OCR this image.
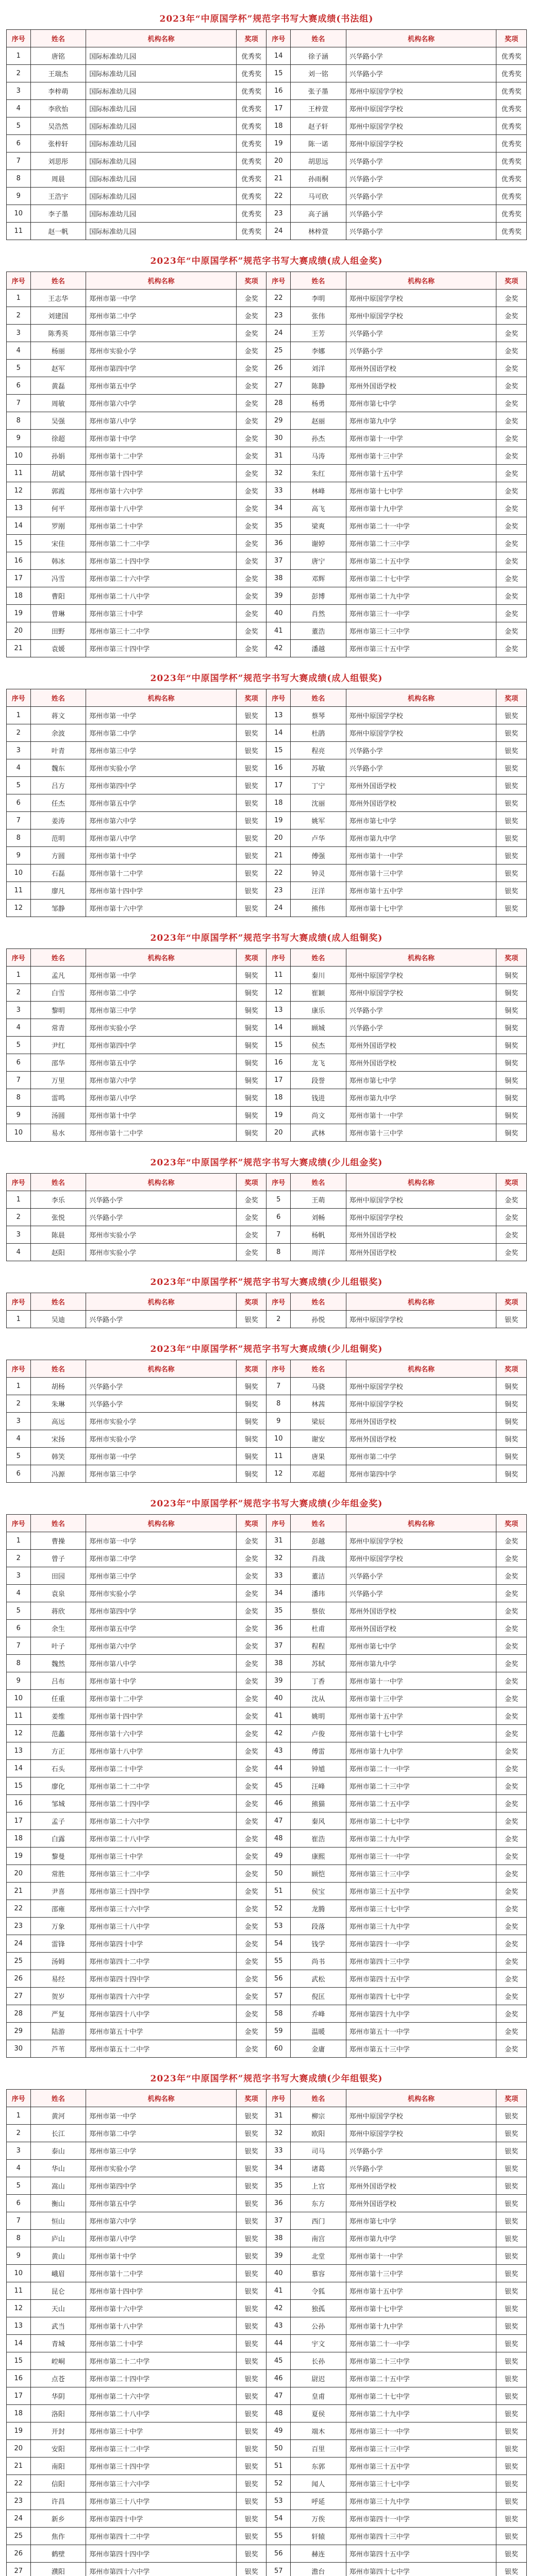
2023年“中原国学杯”规范字书写大赛成绩(书法组)
序号	姓名	机构名称	奖项	序号	姓名	机构名称	奖项
1	唐铭	国际标准幼儿园	优秀奖	14	徐子涵	兴华路小学	优秀奖
2	王瑞杰	国际标准幼儿园	优秀奖	15	刘一铭	兴华路小学	优秀奖
3	李梓萌	国际标准幼儿园	优秀奖	16	张子墨	郑州中原国学学校	优秀奖
4	李欣怡	国际标准幼儿园	优秀奖	17	王梓萱	郑州中原国学学校	优秀奖
5	吴浩然	国际标准幼儿园	优秀奖	18	赵子轩	郑州中原国学学校	优秀奖
6	张梓轩	国际标准幼儿园	优秀奖	19	陈一诺	郑州中原国学学校	优秀奖
7	刘思彤	国际标准幼儿园	优秀奖	20	胡思远	兴华路小学	优秀奖
8	周晨	国际标准幼儿园	优秀奖	21	孙雨桐	兴华路小学	优秀奖
9	王浩宇	国际标准幼儿园	优秀奖	22	马可欣	兴华路小学	优秀奖
10	李子墨	国际标准幼儿园	优秀奖	23	高子涵	兴华路小学	优秀奖
11	赵一帆	国际标准幼儿园	优秀奖	24	林梓萱	兴华路小学	优秀奖
2023年“中原国学杯”规范字书写大赛成绩(成人组金奖)
序号	姓名	机构名称	奖项	序号	姓名	机构名称	奖项
1	王志华	郑州市第一中学	金奖	22	李明	郑州中原国学学校	金奖
2	刘建国	郑州市第二中学	金奖	23	张伟	郑州中原国学学校	金奖
3	陈秀英	郑州市第三中学	金奖	24	王芳	兴华路小学	金奖
4	杨丽	郑州市实验小学	金奖	25	李娜	兴华路小学	金奖
5	赵军	郑州市第四中学	金奖	26	刘洋	郑州外国语学校	金奖
6	黄磊	郑州市第五中学	金奖	27	陈静	郑州外国语学校	金奖
7	周敏	郑州市第六中学	金奖	28	杨勇	郑州市第七中学	金奖
8	吴强	郑州市第八中学	金奖	29	赵丽	郑州市第九中学	金奖
9	徐超	郑州市第十中学	金奖	30	孙杰	郑州市第十一中学	金奖
10	孙娟	郑州市第十二中学	金奖	31	马涛	郑州市第十三中学	金奖
11	胡斌	郑州市第十四中学	金奖	32	朱红	郑州市第十五中学	金奖
12	郭霞	郑州市第十六中学	金奖	33	林峰	郑州市第十七中学	金奖
13	何平	郑州市第十八中学	金奖	34	高飞	郑州市第十九中学	金奖
14	罗刚	郑州市第二十中学	金奖	35	梁爽	郑州市第二十一中学	金奖
15	宋佳	郑州市第二十二中学	金奖	36	谢婷	郑州市第二十三中学	金奖
16	韩冰	郑州市第二十四中学	金奖	37	唐宁	郑州市第二十五中学	金奖
17	冯雪	郑州市第二十六中学	金奖	38	邓辉	郑州市第二十七中学	金奖
18	曹阳	郑州市第二十八中学	金奖	39	彭博	郑州市第二十九中学	金奖
19	曾琳	郑州市第三十中学	金奖	40	肖然	郑州市第三十一中学	金奖
20	田野	郑州市第三十二中学	金奖	41	董浩	郑州市第三十三中学	金奖
21	袁媛	郑州市第三十四中学	金奖	42	潘越	郑州市第三十五中学	金奖
2023年“中原国学杯”规范字书写大赛成绩(成人组银奖)
序号	姓名	机构名称	奖项	序号	姓名	机构名称	奖项
1	蒋文	郑州市第一中学	银奖	13	蔡琴	郑州中原国学学校	银奖
2	余波	郑州市第二中学	银奖	14	杜鹃	郑州中原国学学校	银奖
3	叶青	郑州市第三中学	银奖	15	程亮	兴华路小学	银奖
4	魏东	郑州市实验小学	银奖	16	苏敏	兴华路小学	银奖
5	吕方	郑州市第四中学	银奖	17	丁宁	郑州外国语学校	银奖
6	任杰	郑州市第五中学	银奖	18	沈丽	郑州外国语学校	银奖
7	姜涛	郑州市第六中学	银奖	19	姚军	郑州市第七中学	银奖
8	范明	郑州市第八中学	银奖	20	卢华	郑州市第九中学	银奖
9	方圆	郑州市第十中学	银奖	21	傅强	郑州市第十一中学	银奖
10	石磊	郑州市第十二中学	银奖	22	钟灵	郑州市第十三中学	银奖
11	廖凡	郑州市第十四中学	银奖	23	汪洋	郑州市第十五中学	银奖
12	邹静	郑州市第十六中学	银奖	24	熊伟	郑州市第十七中学	银奖
2023年“中原国学杯”规范字书写大赛成绩(成人组铜奖)
序号	姓名	机构名称	奖项	序号	姓名	机构名称	奖项
1	孟凡	郑州市第一中学	铜奖	11	秦川	郑州中原国学学校	铜奖
2	白雪	郑州市第二中学	铜奖	12	崔颖	郑州中原国学学校	铜奖
3	黎明	郑州市第三中学	铜奖	13	康乐	兴华路小学	铜奖
4	常青	郑州市实验小学	铜奖	14	顾城	兴华路小学	铜奖
5	尹红	郑州市第四中学	铜奖	15	侯杰	郑州外国语学校	铜奖
6	邵华	郑州市第五中学	铜奖	16	龙飞	郑州外国语学校	铜奖
7	万里	郑州市第六中学	铜奖	17	段誉	郑州市第七中学	铜奖
8	雷鸣	郑州市第八中学	铜奖	18	钱进	郑州市第九中学	铜奖
9	汤圆	郑州市第十中学	铜奖	19	尚文	郑州市第十一中学	铜奖
10	易水	郑州市第十二中学	铜奖	20	武林	郑州市第十三中学	铜奖
2023年“中原国学杯”规范字书写大赛成绩(少儿组金奖)
序号	姓名	机构名称	奖项	序号	姓名	机构名称	奖项
1	李乐	兴华路小学	金奖	5	王萌	郑州中原国学学校	金奖
2	张悦	兴华路小学	金奖	6	刘畅	郑州中原国学学校	金奖
3	陈晨	郑州市实验小学	金奖	7	杨帆	郑州外国语学校	金奖
4	赵阳	郑州市实验小学	金奖	8	周洋	郑州外国语学校	金奖
2023年“中原国学杯”规范字书写大赛成绩(少儿组银奖)
序号	姓名	机构名称	奖项	序号	姓名	机构名称	奖项
1	吴迪	兴华路小学	银奖	2	孙悦	郑州中原国学学校	银奖
2023年“中原国学杯”规范字书写大赛成绩(少儿组铜奖)
序号	姓名	机构名称	奖项	序号	姓名	机构名称	奖项
1	胡杨	兴华路小学	铜奖	7	马骁	郑州中原国学学校	铜奖
2	朱琳	兴华路小学	铜奖	8	林茜	郑州中原国学学校	铜奖
3	高远	郑州市实验小学	铜奖	9	梁辰	郑州外国语学校	铜奖
4	宋扬	郑州市实验小学	铜奖	10	谢安	郑州外国语学校	铜奖
5	韩笑	郑州市第一中学	铜奖	11	唐果	郑州市第二中学	铜奖
6	冯源	郑州市第三中学	铜奖	12	邓超	郑州市第四中学	铜奖
2023年“中原国学杯”规范字书写大赛成绩(少年组金奖)
序号	姓名	机构名称	奖项	序号	姓名	机构名称	奖项
1	曹操	郑州市第一中学	金奖	31	彭越	郑州中原国学学校	金奖
2	曾子	郑州市第二中学	金奖	32	肖战	郑州中原国学学校	金奖
3	田园	郑州市第三中学	金奖	33	董洁	兴华路小学	金奖
4	袁泉	郑州市实验小学	金奖	34	潘玮	兴华路小学	金奖
5	蒋欣	郑州市第四中学	金奖	35	蔡依	郑州外国语学校	金奖
6	余生	郑州市第五中学	金奖	36	杜甫	郑州外国语学校	金奖
7	叶子	郑州市第六中学	金奖	37	程程	郑州市第七中学	金奖
8	魏然	郑州市第八中学	金奖	38	苏轼	郑州市第九中学	金奖
9	吕布	郑州市第十中学	金奖	39	丁香	郑州市第十一中学	金奖
10	任重	郑州市第十二中学	金奖	40	沈从	郑州市第十三中学	金奖
11	姜维	郑州市第十四中学	金奖	41	姚明	郑州市第十五中学	金奖
12	范蠡	郑州市第十六中学	金奖	42	卢俊	郑州市第十七中学	金奖
13	方正	郑州市第十八中学	金奖	43	傅雷	郑州市第十九中学	金奖
14	石头	郑州市第二十中学	金奖	44	钟馗	郑州市第二十一中学	金奖
15	廖化	郑州市第二十二中学	金奖	45	汪峰	郑州市第二十三中学	金奖
16	邹城	郑州市第二十四中学	金奖	46	熊猫	郑州市第二十五中学	金奖
17	孟子	郑州市第二十六中学	金奖	47	秦风	郑州市第二十七中学	金奖
18	白露	郑州市第二十八中学	金奖	48	崔浩	郑州市第二十九中学	金奖
19	黎曼	郑州市第三十中学	金奖	49	康熙	郑州市第三十一中学	金奖
20	常胜	郑州市第三十二中学	金奖	50	顾恺	郑州市第三十三中学	金奖
21	尹喜	郑州市第三十四中学	金奖	51	侯宝	郑州市第三十五中学	金奖
22	邵雍	郑州市第三十六中学	金奖	52	龙腾	郑州市第三十七中学	金奖
23	万象	郑州市第三十八中学	金奖	53	段落	郑州市第三十九中学	金奖
24	雷锋	郑州市第四十中学	金奖	54	钱学	郑州市第四十一中学	金奖
25	汤姆	郑州市第四十二中学	金奖	55	尚书	郑州市第四十三中学	金奖
26	易经	郑州市第四十四中学	金奖	56	武松	郑州市第四十五中学	金奖
27	贺岁	郑州市第四十六中学	金奖	57	倪匡	郑州市第四十七中学	金奖
28	严复	郑州市第四十八中学	金奖	58	乔峰	郑州市第四十九中学	金奖
29	陆游	郑州市第五十中学	金奖	59	温暖	郑州市第五十一中学	金奖
30	芦苇	郑州市第五十二中学	金奖	60	金庸	郑州市第五十三中学	金奖
2023年“中原国学杯”规范字书写大赛成绩(少年组银奖)
序号	姓名	机构名称	奖项	序号	姓名	机构名称	奖项
1	黄河	郑州市第一中学	银奖	31	柳宗	郑州中原国学学校	银奖
2	长江	郑州市第二中学	银奖	32	欧阳	郑州中原国学学校	银奖
3	泰山	郑州市第三中学	银奖	33	司马	兴华路小学	银奖
4	华山	郑州市实验小学	银奖	34	诸葛	兴华路小学	银奖
5	嵩山	郑州市第四中学	银奖	35	上官	郑州外国语学校	银奖
6	衡山	郑州市第五中学	银奖	36	东方	郑州外国语学校	银奖
7	恒山	郑州市第六中学	银奖	37	西门	郑州市第七中学	银奖
8	庐山	郑州市第八中学	银奖	38	南宫	郑州市第九中学	银奖
9	黄山	郑州市第十中学	银奖	39	北堂	郑州市第十一中学	银奖
10	峨眉	郑州市第十二中学	银奖	40	慕容	郑州市第十三中学	银奖
11	昆仑	郑州市第十四中学	银奖	41	令狐	郑州市第十五中学	银奖
12	天山	郑州市第十六中学	银奖	42	独孤	郑州市第十七中学	银奖
13	武当	郑州市第十八中学	银奖	43	公孙	郑州市第十九中学	银奖
14	青城	郑州市第二十中学	银奖	44	宇文	郑州市第二十一中学	银奖
15	崆峒	郑州市第二十二中学	银奖	45	长孙	郑州市第二十三中学	银奖
16	点苍	郑州市第二十四中学	银奖	46	尉迟	郑州市第二十五中学	银奖
17	华阴	郑州市第二十六中学	银奖	47	皇甫	郑州市第二十七中学	银奖
18	洛阳	郑州市第二十八中学	银奖	48	夏侯	郑州市第二十九中学	银奖
19	开封	郑州市第三十中学	银奖	49	端木	郑州市第三十一中学	银奖
20	安阳	郑州市第三十二中学	银奖	50	百里	郑州市第三十三中学	银奖
21	南阳	郑州市第三十四中学	银奖	51	东郭	郑州市第三十五中学	银奖
22	信阳	郑州市第三十六中学	银奖	52	闻人	郑州市第三十七中学	银奖
23	许昌	郑州市第三十八中学	银奖	53	呼延	郑州市第三十九中学	银奖
24	新乡	郑州市第四十中学	银奖	54	万俟	郑州市第四十一中学	银奖
25	焦作	郑州市第四十二中学	银奖	55	轩辕	郑州市第四十三中学	银奖
26	鹤壁	郑州市第四十四中学	银奖	56	赫连	郑州市第四十五中学	银奖
27	濮阳	郑州市第四十六中学	银奖	57	澹台	郑州市第四十七中学	银奖
